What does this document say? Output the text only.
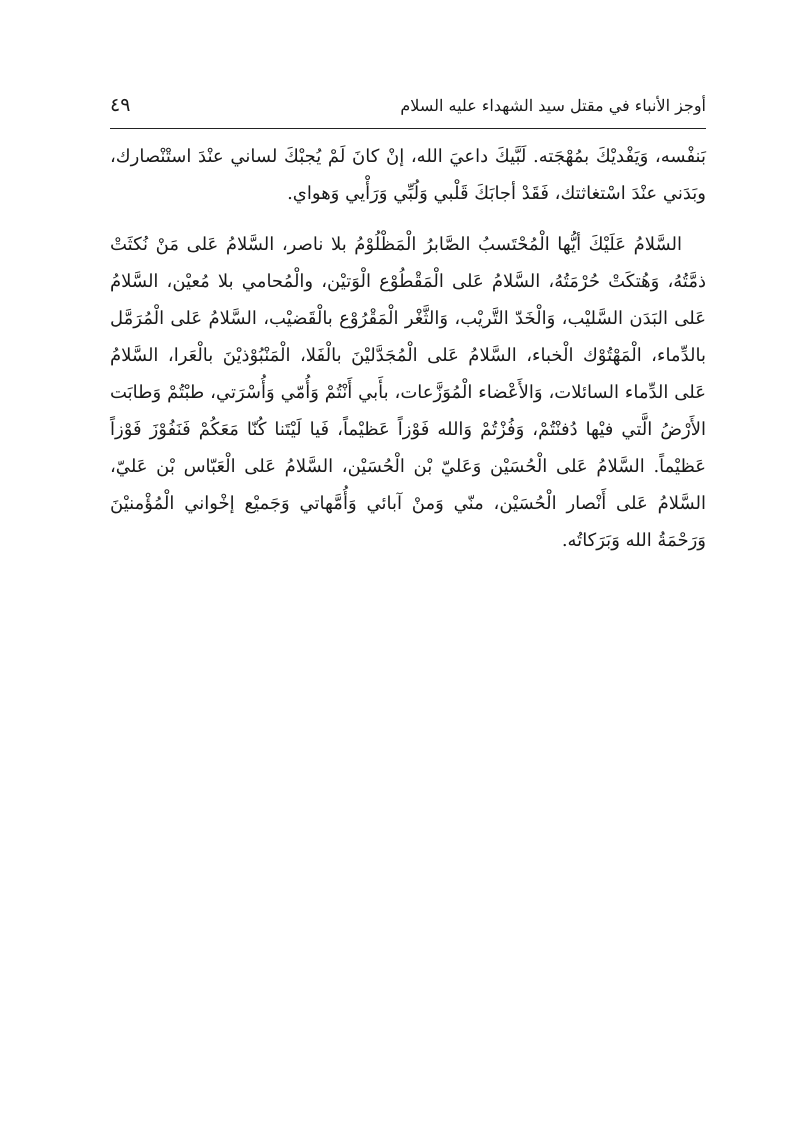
أوجز الأنباء في مقتل سيد الشهداء عليه السلام
٤٩

بَنفْسه، وَيَفْديْكَ بمُهْجَته. لَبَّيكَ داعيَ الله، إنْ كانَ لَمْ يُجبْكَ لساني عنْدَ استْنْصارك، وبَدَني عنْدَ اسْتغاثتك، فَقَدْ أجابَكَ قَلْبي وَلُبِّي وَرَأْيي وَهواي.

السَّلامُ عَلَيْكَ أيُّها الْمُحْتَسبُ الصَّابرُ الْمَظْلُوْمُ بلا ناصر، السَّلامُ عَلى مَنْ نُكثَتْ ذمَّتُهُ، وَهُتكَتْ حُرْمَتُهُ، السَّلامُ عَلى الْمَقْطُوْع الْوَتيْن، والْمُحامي بلا مُعيْن، السَّلامُ عَلى البَدَن السَّليْب، وَالْخَدّ التَّريْب، وَالثَّغْر الْمَقْرُوْع بالْقَضيْب، السَّلامُ عَلى الْمُرَمَّل بالدِّماء، الْمَهْتُوْك الْخباء، السَّلامُ عَلى الْمُجَدَّليْنَ بالْفَلا، الْمَنْبُوْذيْنَ بالْعَرا، السَّلامُ عَلى الدِّماء السائلات، وَالأَعْضاء الْمُوَزَّعات، بأَبي أَنْتُمْ وَأُمّي وَأُسْرَتي، طبْتُمْ وَطابَت الأَرْضُ الَّتي فيْها دُفنْتُمْ، وَفُزْتُمْ وَالله فَوْزاً عَظيْماً، فَيا لَيْتَنا كُنّا مَعَكُمْ فَنَفُوْزَ فَوْزاً عَظيْماً. السَّلامُ عَلى الْحُسَيْن وَعَليّ بْن الْحُسَيْن، السَّلامُ عَلى الْعَبّاس بْن عَليّ، السَّلامُ عَلى أَنْصار الْحُسَيْن، منّي وَمنْ آبائي وَأُمَّهاتي وَجَميْع إخْواني الْمُؤْمنيْنَ وَرَحْمَةُ الله وَبَرَكاتُه.
